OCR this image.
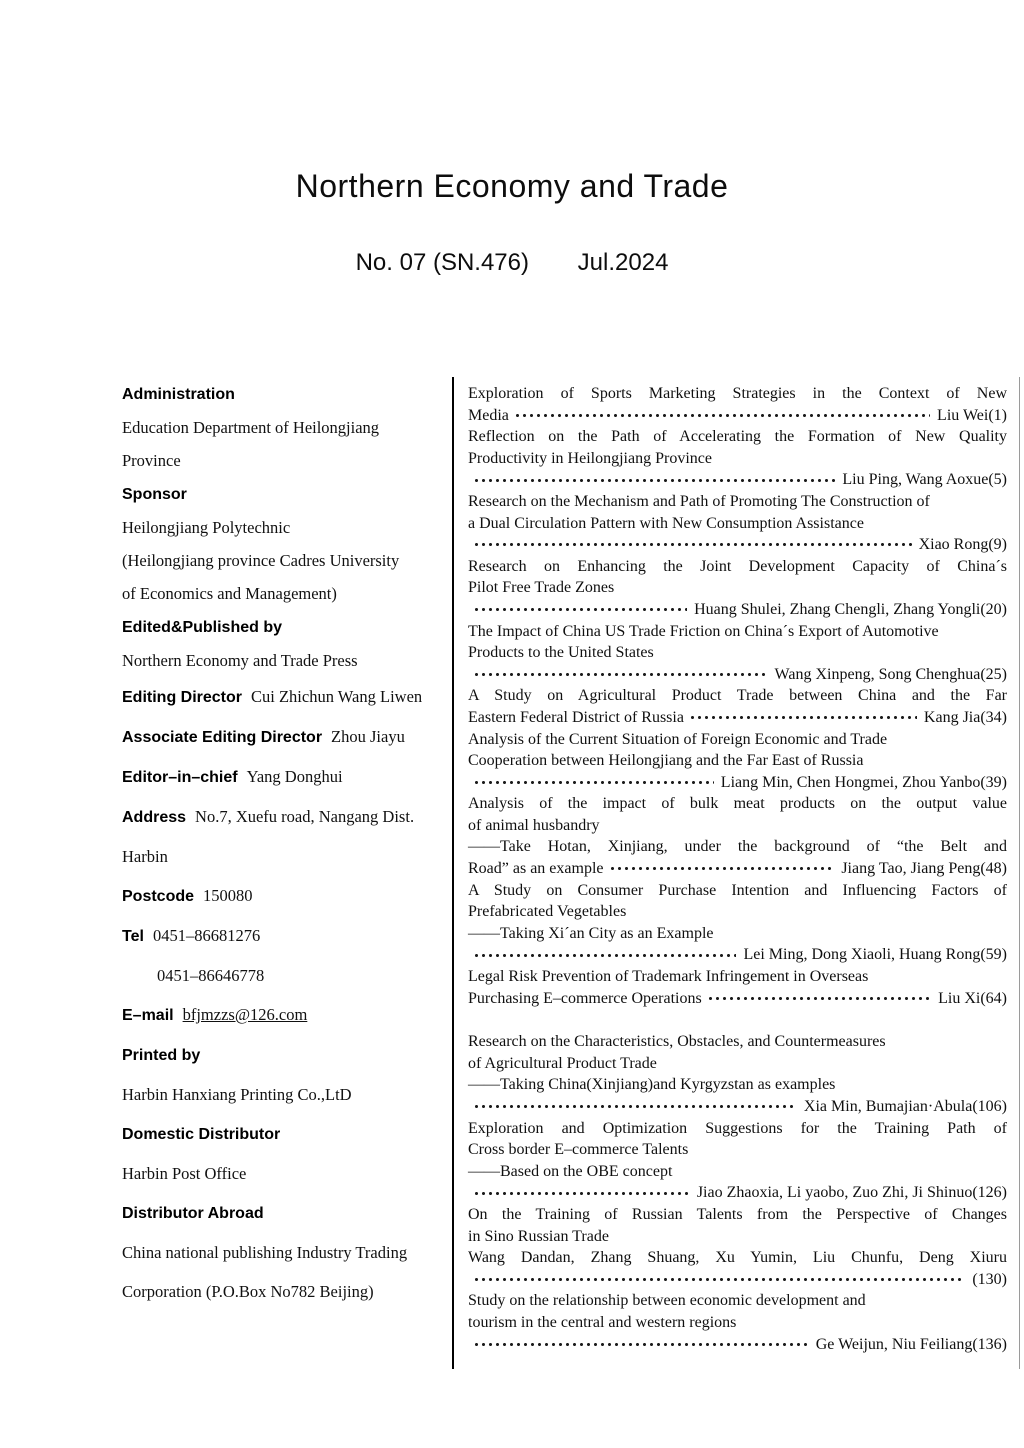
Northern Economy and Trade
No. 07 (SN.476) Jul.2024
Administration
Education Department of Heilongjiang
Province
Sponsor
Heilongjiang Polytechnic
(Heilongjiang province Cadres University
of Economics and Management)
Edited&Published by
Northern Economy and Trade Press
Editing Director Cui Zhichun Wang Liwen
Associate Editing Director Zhou Jiayu
Editor–in–chief Yang Donghui
Address No.7, Xuefu road, Nangang Dist.
Harbin
Postcode 150080
Tel 0451–86681276
0451–86646778
E–mail bfjmzzs@126.com
Printed by
Harbin Hanxiang Printing Co.,LtD
Domestic Distributor
Harbin Post Office
Distributor Abroad
China national publishing Industry Trading
Corporation (P.O.Box No782 Beijing)
Exploration of Sports Marketing Strategies in the Context of New
Media	Liu Wei(1)
Reflection on the Path of Accelerating the Formation of New Quality
Productivity in Heilongjiang Province
Liu Ping, Wang Aoxue(5)
Research on the Mechanism and Path of Promoting The Construction of
a Dual Circulation Pattern with New Consumption Assistance
Xiao Rong(9)
Research on Enhancing the Joint Development Capacity of China´s
Pilot Free Trade Zones
Huang Shulei, Zhang Chengli, Zhang Yongli(20)
The Impact of China US Trade Friction on China´s Export of Automotive
Products to the United States
Wang Xinpeng, Song Chenghua(25)
A Study on Agricultural Product Trade between China and the Far
Eastern Federal District of Russia	Kang Jia(34)
Analysis of the Current Situation of Foreign Economic and Trade
Cooperation between Heilongjiang and the Far East of Russia
Liang Min, Chen Hongmei, Zhou Yanbo(39)
Analysis of the impact of bulk meat products on the output value
of animal husbandry
——Take Hotan, Xinjiang, under the background of “the Belt and
Road” as an example	Jiang Tao, Jiang Peng(48)
A Study on Consumer Purchase Intention and Influencing Factors of
Prefabricated Vegetables
——Taking Xi´an City as an Example
Lei Ming, Dong Xiaoli, Huang Rong(59)
Legal Risk Prevention of Trademark Infringement in Overseas
Purchasing E–commerce Operations	Liu Xi(64)
Research on the Characteristics, Obstacles, and Countermeasures
of Agricultural Product Trade
——Taking China(Xinjiang)and Kyrgyzstan as examples
Xia Min, Bumajian·Abula(106)
Exploration and Optimization Suggestions for the Training Path of
Cross border E–commerce Talents
——Based on the OBE concept
Jiao Zhaoxia, Li yaobo, Zuo Zhi, Ji Shinuo(126)
On the Training of Russian Talents from the Perspective of Changes
in Sino Russian Trade
Wang Dandan, Zhang Shuang, Xu Yumin, Liu Chunfu, Deng Xiuru
(130)
Study on the relationship between economic development and
tourism in the central and western regions
Ge Weijun, Niu Feiliang(136)
